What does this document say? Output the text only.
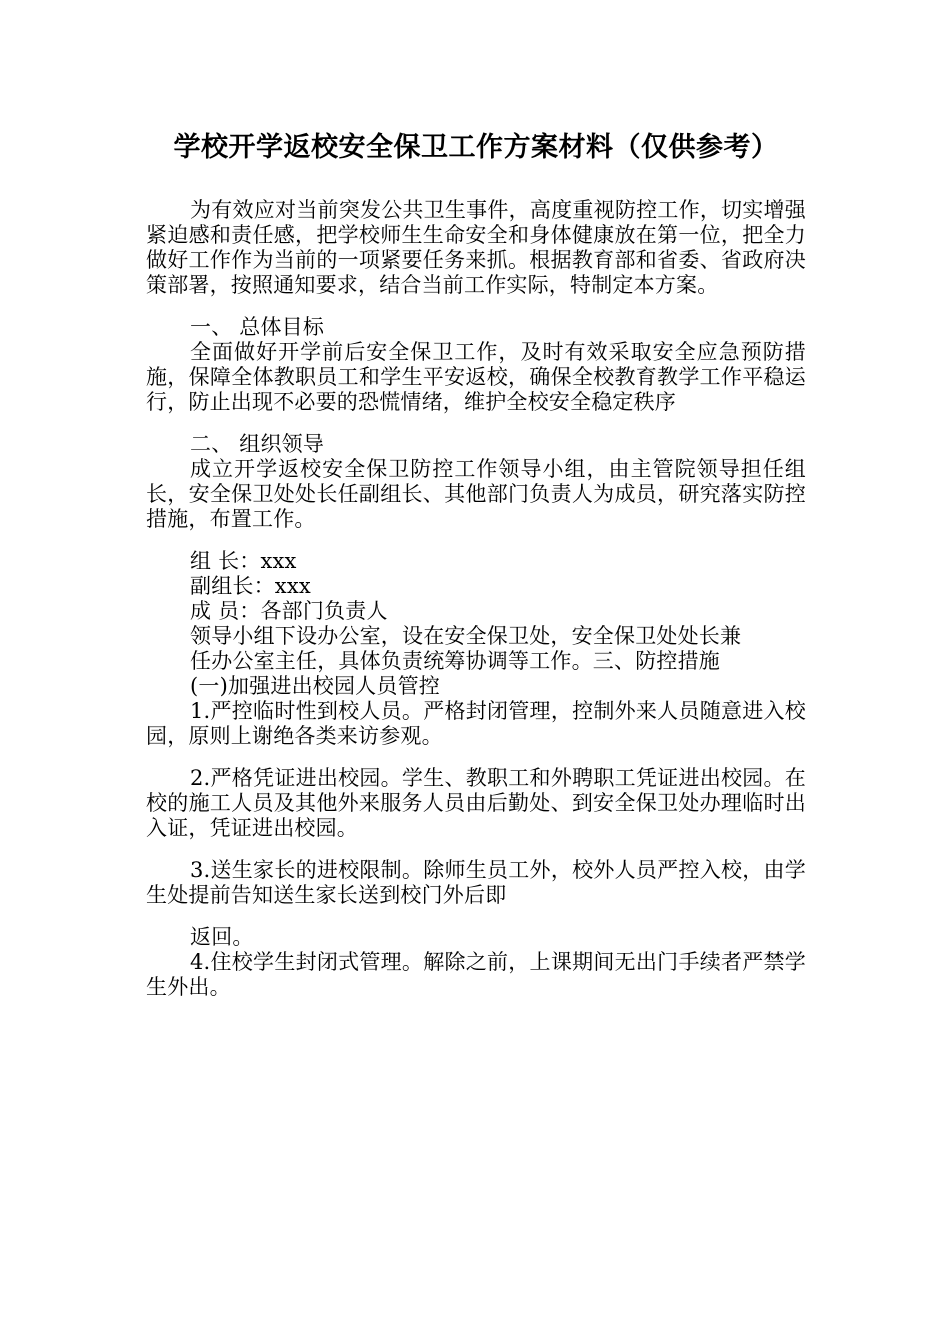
学校开学返校安全保卫工作方案材料（仅供参考）

为有效应对当前突发公共卫生事件，高度重视防控工作，切实增强紧迫感和责任感，把学校师生生命安全和身体健康放在第一位，把全力做好工作作为当前的一项紧要任务来抓。根据教育部和省委、省政府决策部署，按照通知要求，结合当前工作实际，特制定本方案。

一、 总体目标

全面做好开学前后安全保卫工作，及时有效采取安全应急预防措施，保障全体教职员工和学生平安返校，确保全校教育教学工作平稳运行，防止出现不必要的恐慌情绪，维护全校安全稳定秩序

二、 组织领导

成立开学返校安全保卫防控工作领导小组，由主管院领导担任组长，安全保卫处处长任副组长、其他部门负责人为成员，研究落实防控措施，布置工作。

组 长：xxx

副组长：xxx

成 员：各部门负责人

领导小组下设办公室，设在安全保卫处，安全保卫处处长兼

任办公室主任，具体负责统筹协调等工作。三、防控措施

(一)加强进出校园人员管控

1.严控临时性到校人员。严格封闭管理，控制外来人员随意进入校园，原则上谢绝各类来访参观。

2.严格凭证进出校园。学生、教职工和外聘职工凭证进出校园。在校的施工人员及其他外来服务人员由后勤处、到安全保卫处办理临时出入证，凭证进出校园。

3.送生家长的进校限制。除师生员工外，校外人员严控入校，由学生处提前告知送生家长送到校门外后即

返回。

4.住校学生封闭式管理。解除之前，上课期间无出门手续者严禁学生外出。
